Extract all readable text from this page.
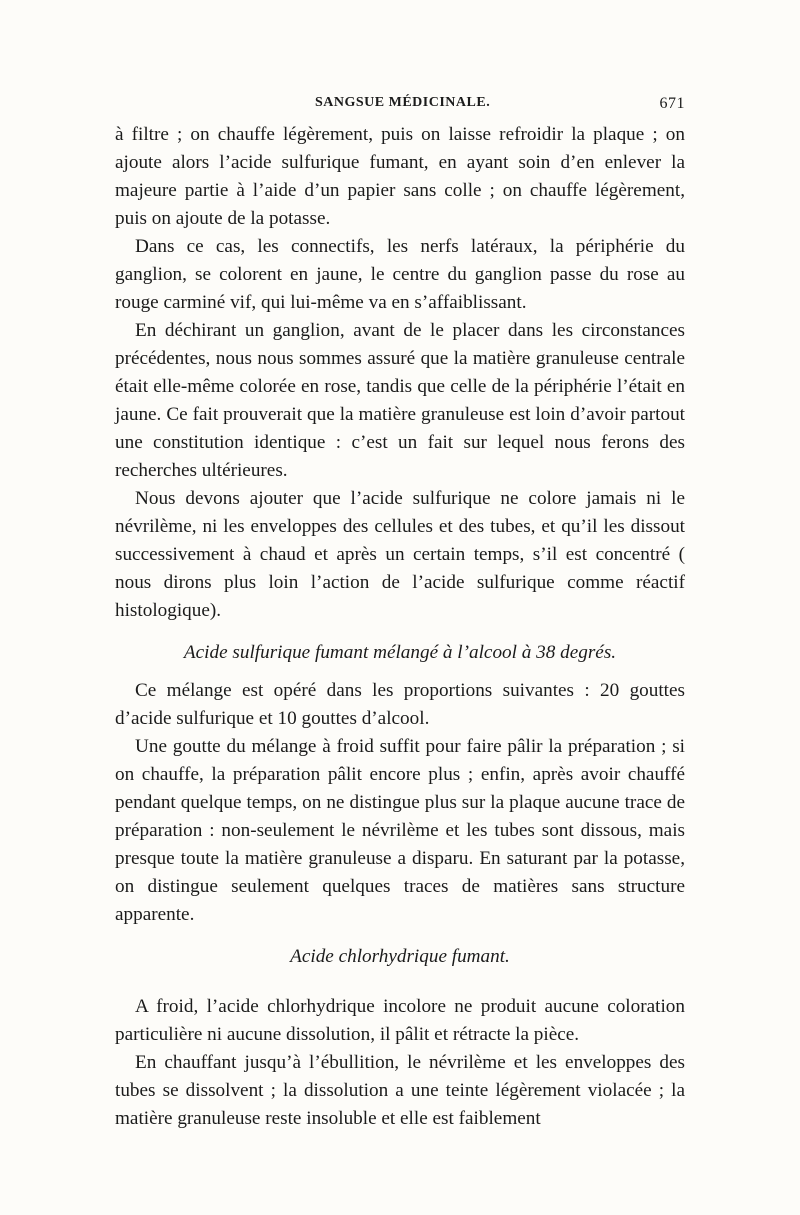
SANGSUE MÉDICINALE.	671

à filtre ; on chauffe légèrement, puis on laisse refroidir la plaque ; on ajoute alors l’acide sulfurique fumant, en ayant soin d’en enlever la majeure partie à l’aide d’un papier sans colle ; on chauffe légèrement, puis on ajoute de la potasse.

Dans ce cas, les connectifs, les nerfs latéraux, la périphérie du ganglion, se colorent en jaune, le centre du ganglion passe du rose au rouge carminé vif, qui lui-même va en s’affaiblissant.

En déchirant un ganglion, avant de le placer dans les circonstances précédentes, nous nous sommes assuré que la matière granuleuse centrale était elle-même colorée en rose, tandis que celle de la périphérie l’était en jaune. Ce fait prouverait que la matière granuleuse est loin d’avoir partout une constitution identique : c’est un fait sur lequel nous ferons des recherches ultérieures.

Nous devons ajouter que l’acide sulfurique ne colore jamais ni le névrilème, ni les enveloppes des cellules et des tubes, et qu’il les dissout successivement à chaud et après un certain temps, s’il est concentré ( nous dirons plus loin l’action de l’acide sulfurique comme réactif histologique).

Acide sulfurique fumant mélangé à l’alcool à 38 degrés.

Ce mélange est opéré dans les proportions suivantes : 20 gouttes d’acide sulfurique et 10 gouttes d’alcool.

Une goutte du mélange à froid suffit pour faire pâlir la préparation ; si on chauffe, la préparation pâlit encore plus ; enfin, après avoir chauffé pendant quelque temps, on ne distingue plus sur la plaque aucune trace de préparation : non-seulement le névrilème et les tubes sont dissous, mais presque toute la matière granuleuse a disparu. En saturant par la potasse, on distingue seulement quelques traces de matières sans structure apparente.

Acide chlorhydrique fumant.

A froid, l’acide chlorhydrique incolore ne produit aucune coloration particulière ni aucune dissolution, il pâlit et rétracte la pièce.

En chauffant jusqu’à l’ébullition, le névrilème et les enveloppes des tubes se dissolvent ; la dissolution a une teinte légèrement violacée ; la matière granuleuse reste insoluble et elle est faiblement
